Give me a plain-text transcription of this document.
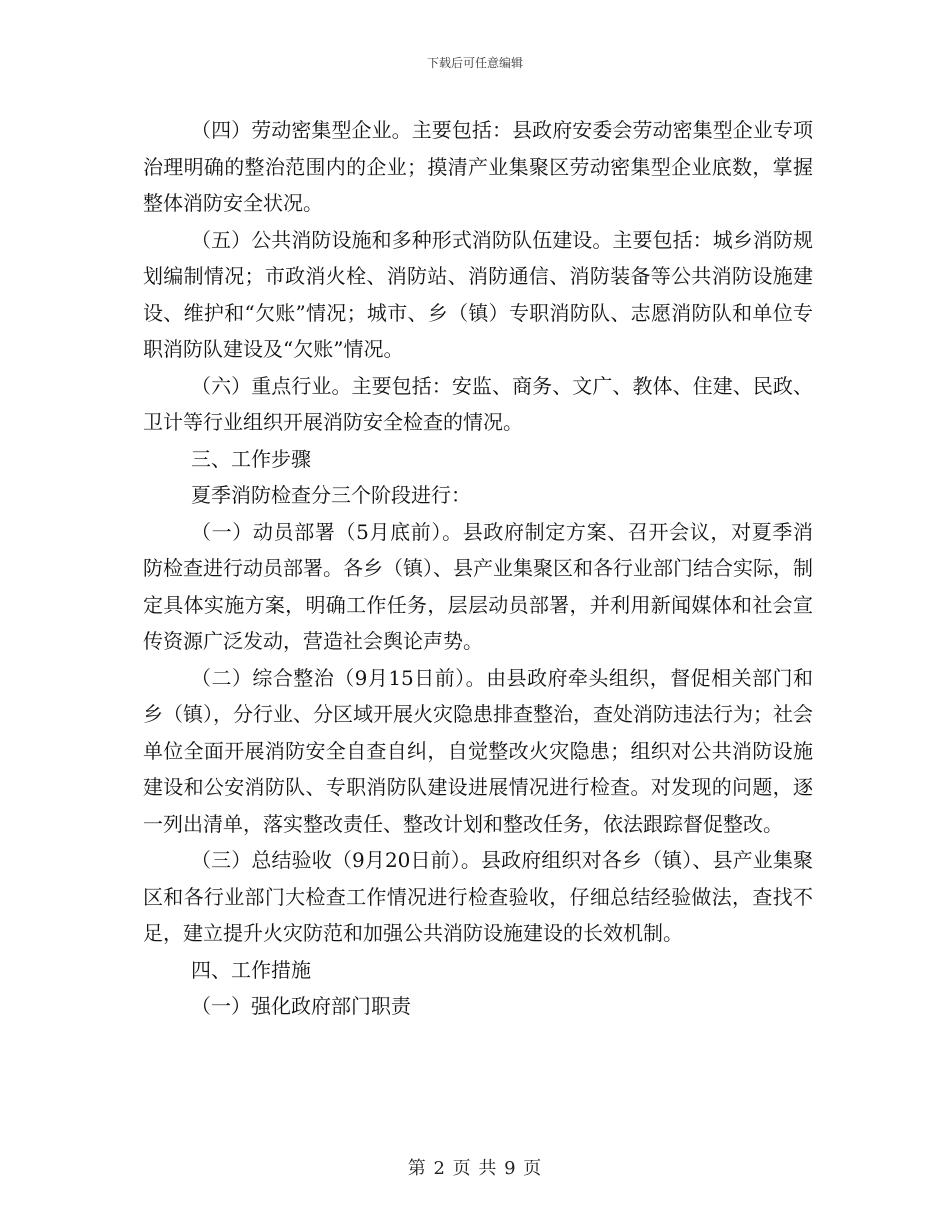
下载后可任意编辑

（四）劳动密集型企业。主要包括：县政府安委会劳动密集型企业专项治理明确的整治范围内的企业；摸清产业集聚区劳动密集型企业底数，掌握整体消防安全状况。

（五）公共消防设施和多种形式消防队伍建设。主要包括：城乡消防规划编制情况；市政消火栓、消防站、消防通信、消防装备等公共消防设施建设、维护和“欠账”情况；城市、乡（镇）专职消防队、志愿消防队和单位专职消防队建设及“欠账”情况。

（六）重点行业。主要包括：安监、商务、文广、教体、住建、民政、卫计等行业组织开展消防安全检查的情况。

三、工作步骤

夏季消防检查分三个阶段进行：

（一）动员部署（5月底前）。县政府制定方案、召开会议，对夏季消防检查进行动员部署。各乡（镇）、县产业集聚区和各行业部门结合实际，制定具体实施方案，明确工作任务，层层动员部署，并利用新闻媒体和社会宣传资源广泛发动，营造社会舆论声势。

（二）综合整治（9月15日前）。由县政府牵头组织，督促相关部门和乡（镇），分行业、分区域开展火灾隐患排查整治，查处消防违法行为；社会单位全面开展消防安全自查自纠，自觉整改火灾隐患；组织对公共消防设施建设和公安消防队、专职消防队建设进展情况进行检查。对发现的问题，逐一列出清单，落实整改责任、整改计划和整改任务，依法跟踪督促整改。

（三）总结验收（9月20日前）。县政府组织对各乡（镇）、县产业集聚区和各行业部门大检查工作情况进行检查验收，仔细总结经验做法，查找不足，建立提升火灾防范和加强公共消防设施建设的长效机制。

四、工作措施

（一）强化政府部门职责

第 2 页 共 9 页
